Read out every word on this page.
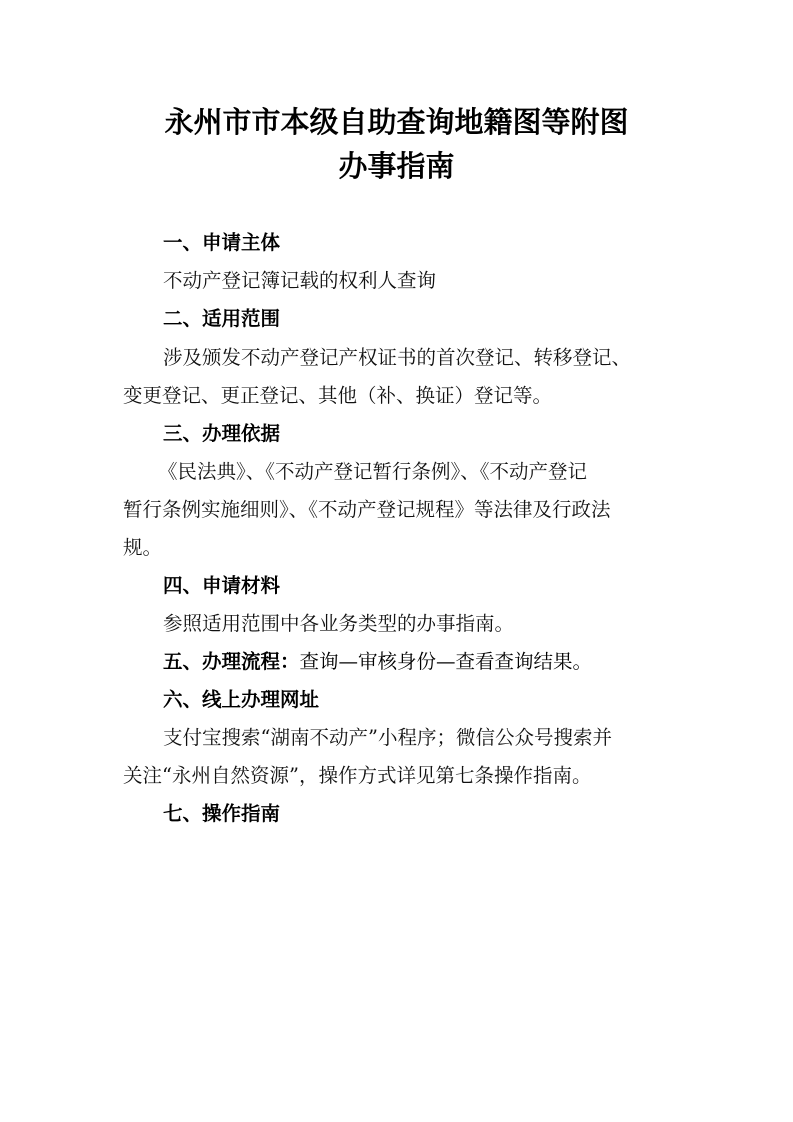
永州市市本级自助查询地籍图等附图
办事指南
一、申请主体
不动产登记簿记载的权利人查询
二、适用范围
涉及颁发不动产登记产权证书的首次登记、转移登记、
变更登记、更正登记、其他（补、换证）登记等。
三、办理依据
《民法典》、《不动产登记暂行条例》、《不动产登记
暂行条例实施细则》、《不动产登记规程》等法律及行政法
规。
四、申请材料
参照适用范围中各业务类型的办事指南。
五、办理流程：查询—审核身份—查看查询结果。
六、线上办理网址
支付宝搜索“湖南不动产”小程序；微信公众号搜索并
关注“永州自然资源”，操作方式详见第七条操作指南。
七、操作指南
